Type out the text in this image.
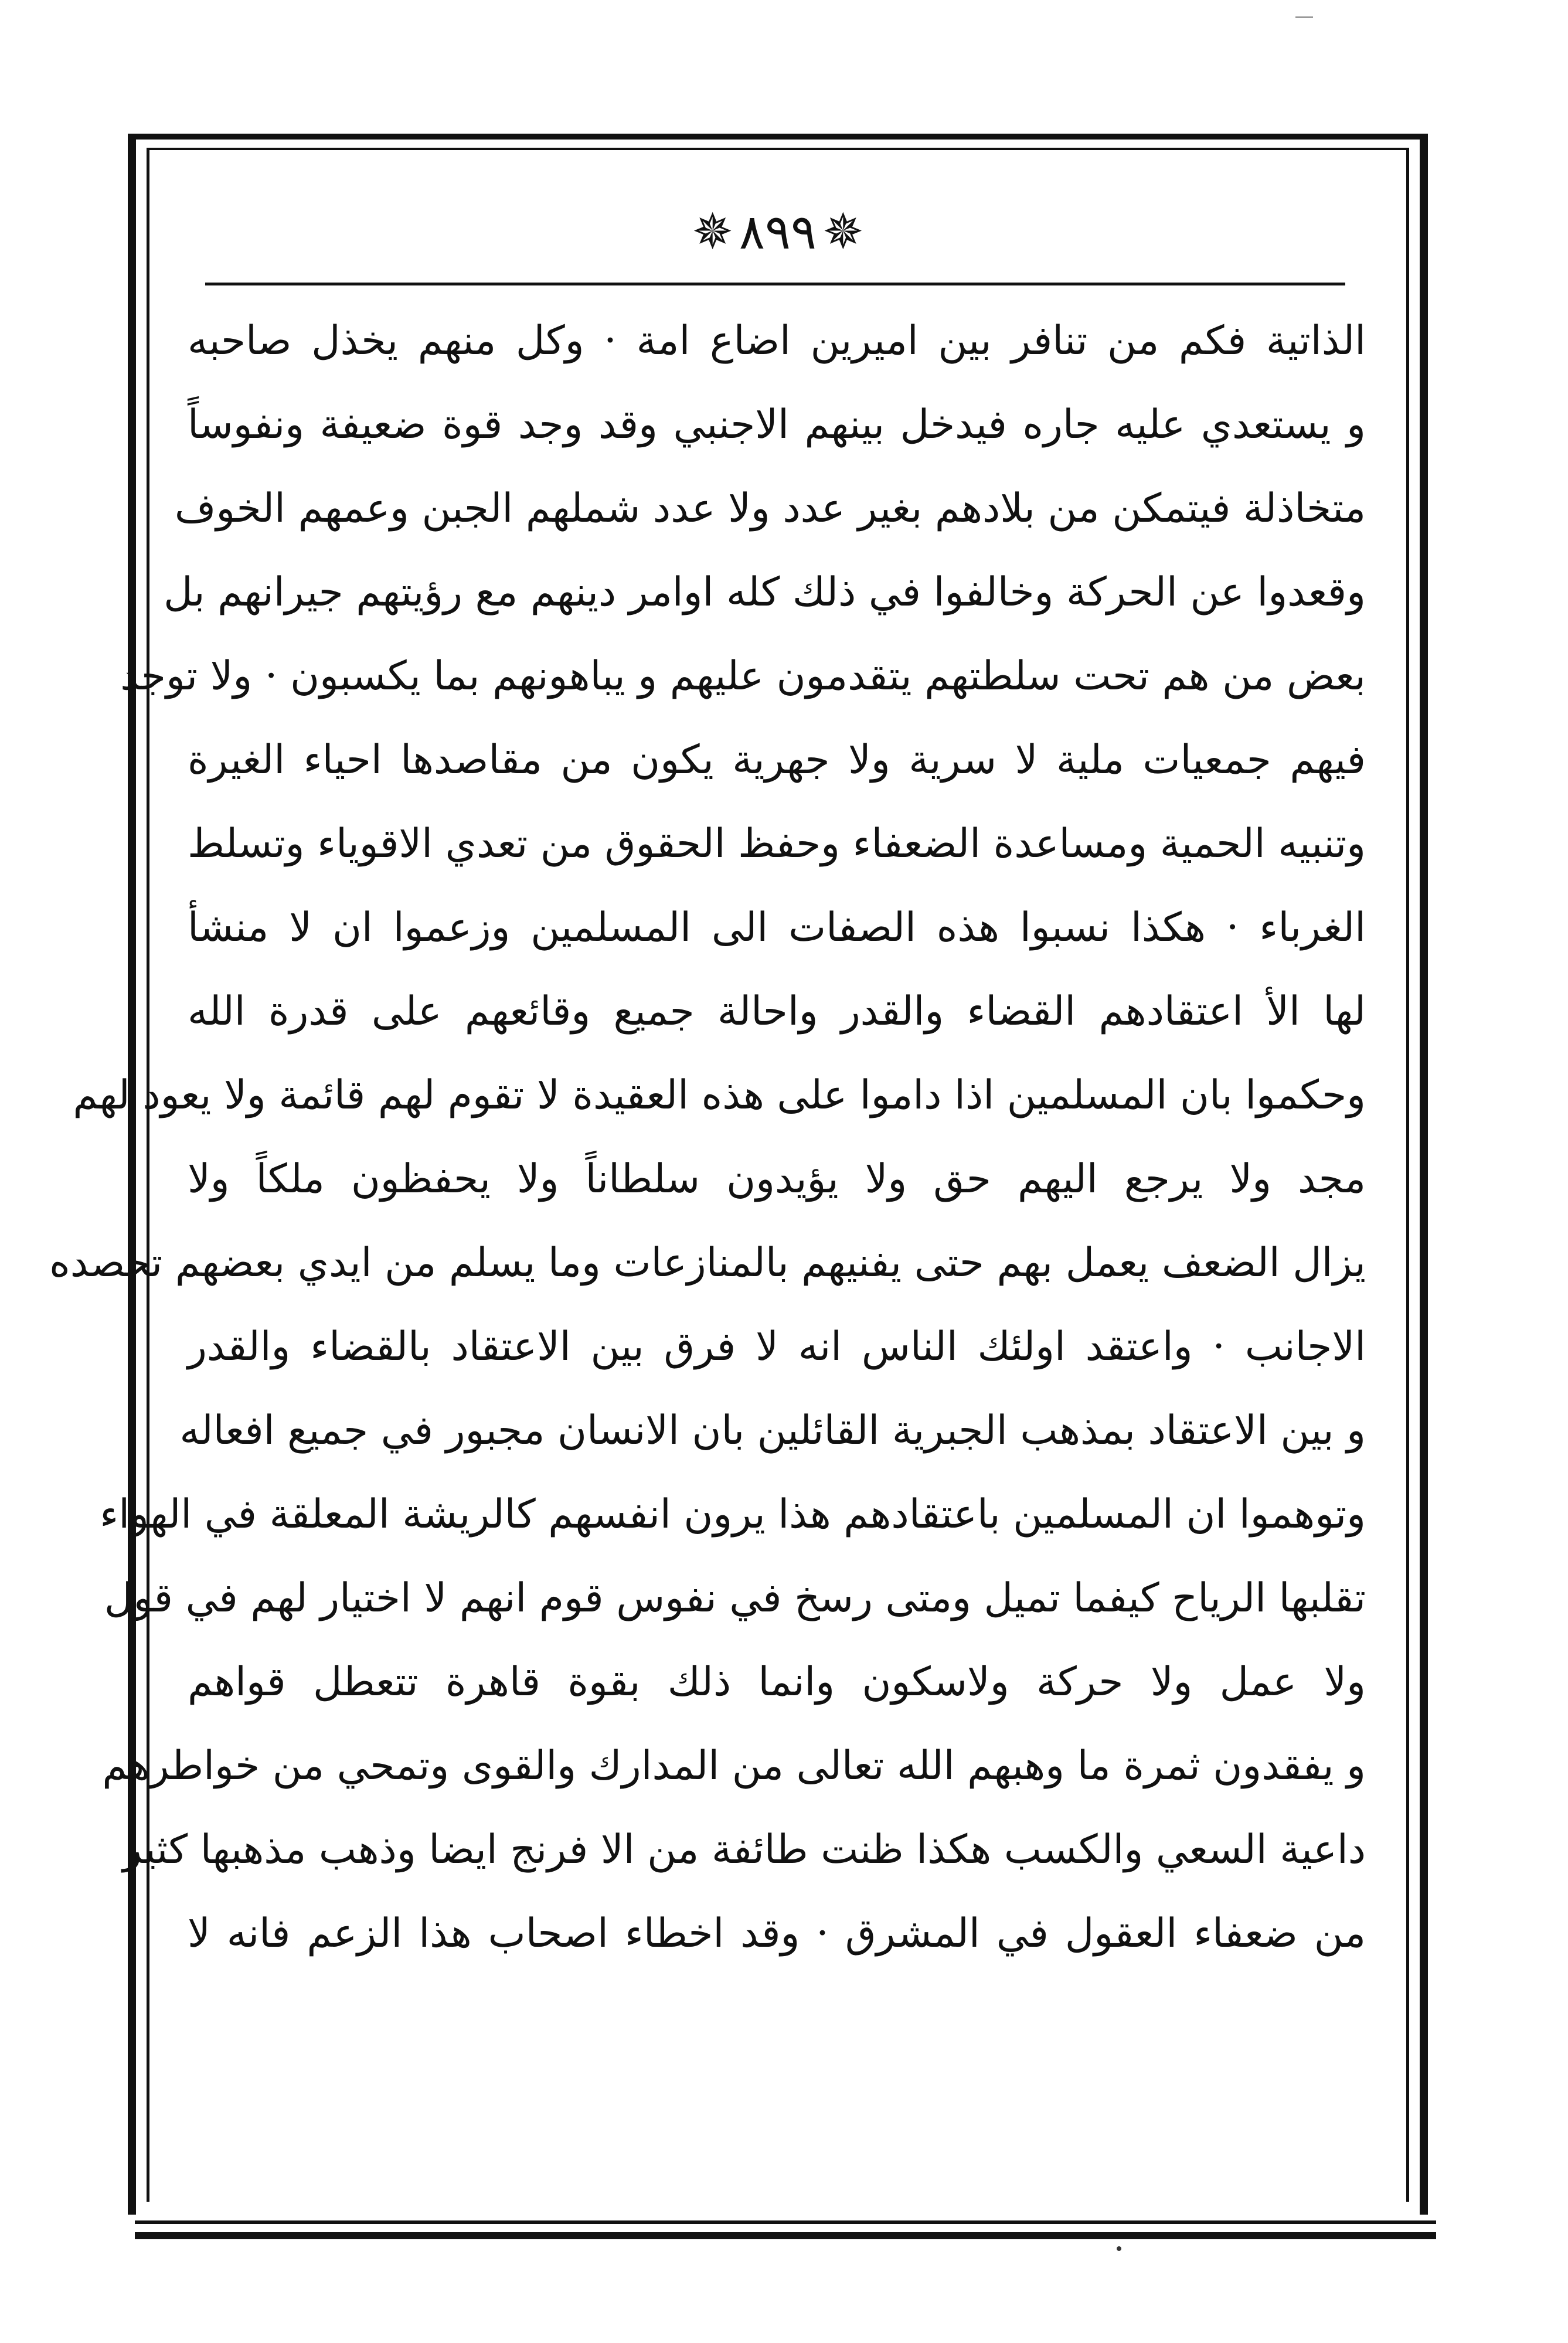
✵٨٩٩✵
الذاتية فكم من تنافر بين اميرين اضاع امة · وكل منهم يخذل صاحبه
و يستعدي عليه جاره فيدخل بينهم الاجنبي وقد وجد قوة ضعيفة ونفوساً
متخاذلة فيتمكن من بلادهم بغير عدد ولا عدد شملهم الجبن وعمهم الخوف
وقعدوا عن الحركة وخالفوا في ذلك كله اوامر دينهم مع رؤيتهم جيرانهم بل
بعض من هم تحت سلطتهم يتقدمون عليهم و يباهونهم بما يكسبون · ولا توجد
فيهم جمعيات ملية لا سرية ولا جهرية يكون من مقاصدها احياء الغيرة
وتنبيه الحمية ومساعدة الضعفاء وحفظ الحقوق من تعدي الاقوياء وتسلط
الغرباء · هكذا نسبوا هذه الصفات الى المسلمين وزعموا ان لا منشأ
لها الأ اعتقادهم القضاء والقدر واحالة جميع وقائعهم على قدرة الله
وحكموا بان المسلمين اذا داموا على هذه العقيدة لا تقوم لهم قائمة ولا يعود لهم
مجد ولا يرجع اليهم حق ولا يؤيدون سلطاناً ولا يحفظون ملكاً ولا
يزال الضعف يعمل بهم حتى يفنيهم بالمنازعات وما يسلم من ايدي بعضهم تحصده
الاجانب · واعتقد اولئك الناس انه لا فرق بين الاعتقاد بالقضاء والقدر
و بين الاعتقاد بمذهب الجبرية القائلين بان الانسان مجبور في جميع افعاله
وتوهموا ان المسلمين باعتقادهم هذا يرون انفسهم كالريشة المعلقة في الهواء
تقلبها الرياح كيفما تميل ومتى رسخ في نفوس قوم انهم لا اختيار لهم في قول
ولا عمل ولا حركة ولاسكون وانما ذلك بقوة قاهرة تتعطل قواهم
و يفقدون ثمرة ما وهبهم الله تعالى من المدارك والقوى وتمحي من خواطرهم
داعية السعي والكسب هكذا ظنت طائفة من الا فرنج ايضا وذهب مذهبها كثير
من ضعفاء العقول في المشرق · وقد اخطاء اصحاب هذا الزعم فانه لا
